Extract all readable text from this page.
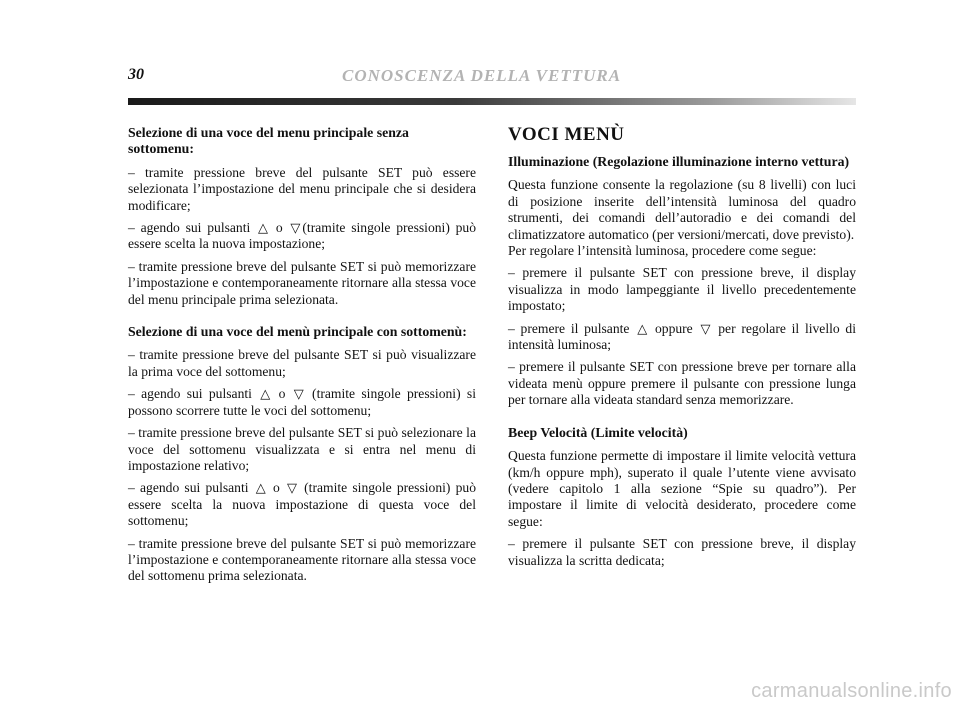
30	CONOSCENZA DELLA VETTURA
Selezione di una voce del menu principale senza sottomenu:

– tramite pressione breve del pulsante SET può essere selezionata l’impostazione del menu principale che si desidera modificare;

– agendo sui pulsanti △ o ▽ (tramite singole pressioni) può essere scelta la nuova impostazione;

– tramite pressione breve del pulsante SET si può memorizzare l’impostazione e contemporaneamente ritornare alla stessa voce del menu principale prima selezionata.

Selezione di una voce del menù principale con sottomenù:

– tramite pressione breve del pulsante SET si può visualizzare la prima voce del sottomenu;

– agendo sui pulsanti △ o ▽ (tramite singole pressioni) si possono scorrere tutte le voci del sottomenu;

– tramite pressione breve del pulsante SET si può selezionare la voce del sottomenu visualizzata e si entra nel menu di impostazione relativo;

– agendo sui pulsanti △ o ▽ (tramite singole pressioni) può essere scelta la nuova impostazione di questa voce del sottomenu;

– tramite pressione breve del pulsante SET si può memorizzare l’impostazione e contemporaneamente ritornare alla stessa voce del sottomenu prima selezionata.

VOCI MENÙ
Illuminazione (Regolazione illuminazione interno vettura)

Questa funzione consente la regolazione (su 8 livelli) con luci di posizione inserite dell’intensità luminosa del quadro strumenti, dei comandi dell’autoradio e dei comandi del climatizzatore automatico (per versioni/mercati, dove previsto).

Per regolare l’intensità luminosa, procedere come segue:

– premere il pulsante SET con pressione breve, il display visualizza in modo lampeggiante il livello precedentemente impostato;

– premere il pulsante △ oppure ▽ per regolare il livello di intensità luminosa;

– premere il pulsante SET con pressione breve per tornare alla videata menù oppure premere il pulsante con pressione lunga per tornare alla videata standard senza memorizzare.

Beep Velocità (Limite velocità)

Questa funzione permette di impostare il limite velocità vettura (km/h oppure mph), superato il quale l’utente viene avvisato (vedere capitolo 1 alla sezione “Spie su quadro”). Per impostare il limite di velocità desiderato, procedere come segue:

– premere il pulsante SET con pressione breve, il display visualizza la scritta dedicata;

carmanualsonline.info
